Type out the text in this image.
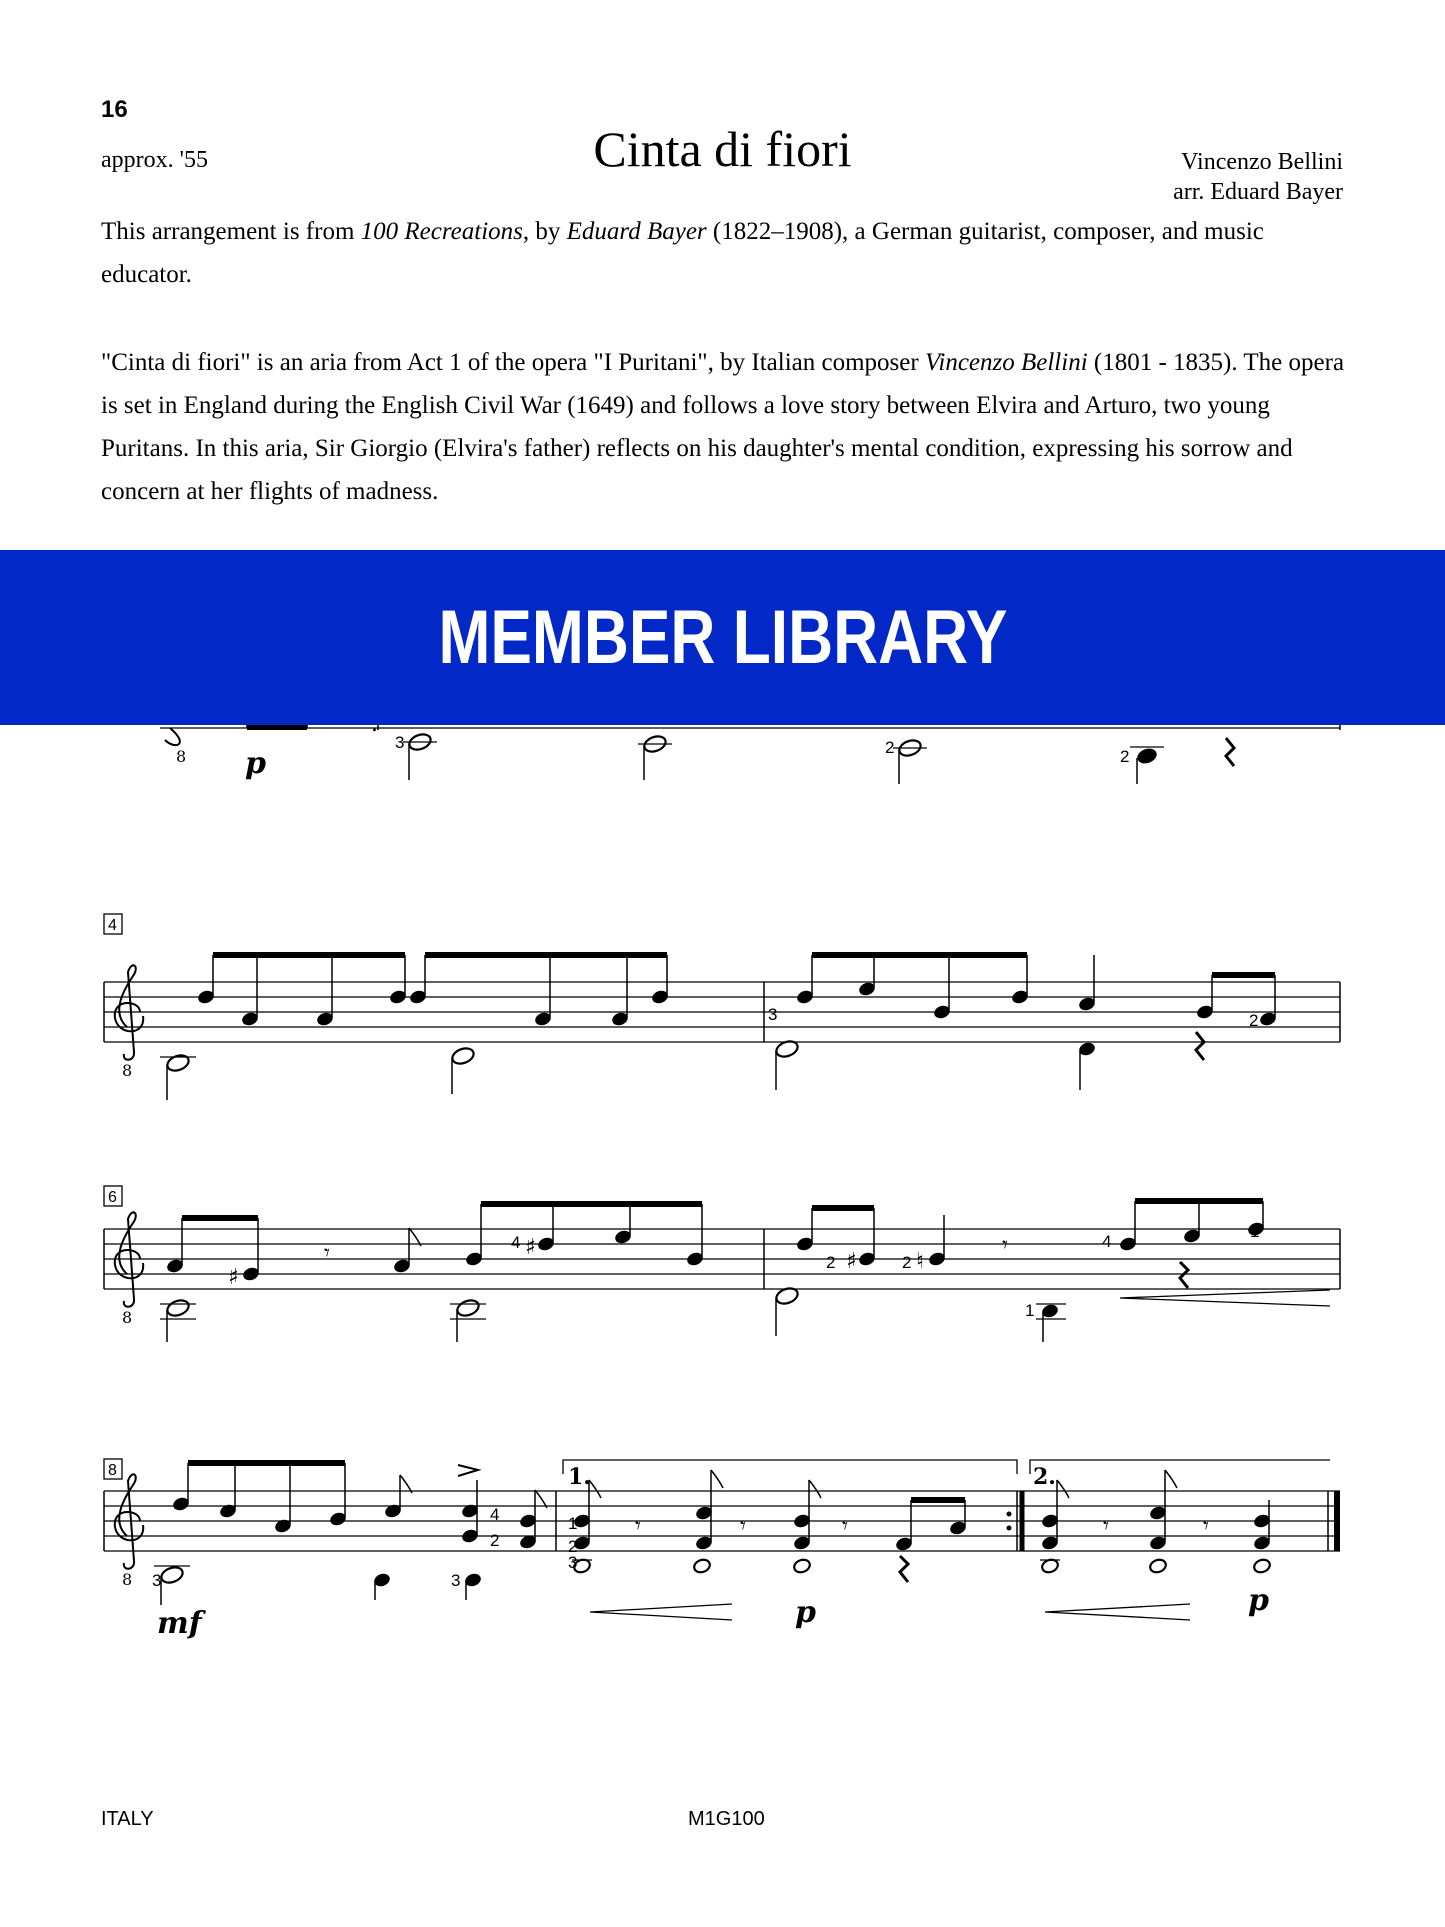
16
approx. '55	Cinta di fiori	Vincenzo Bellini
arr. Eduard Bayer
This arrangement is from 100 Recreations, by Eduard Bayer (1822–1908), a German guitarist, composer, and music educator.
"Cinta di fiori" is an aria from Act 1 of the opera "I Puritani", by Italian composer Vincenzo Bellini (1801 - 1835). The opera is set in England during the English Civil War (1649) and follows a love story between Elvira and Arturo, two young Puritans. In this aria, Sir Giorgio (Elvira's father) reflects on his daughter's mental condition, expressing his sorrow and concern at her flights of madness.
8
3	2	2
p
8
4
3	2
8
♯
♯
𝄾	♯	♮
𝄾
6
4
2	2
1
4
1
8
𝄾	𝄾	𝄾	𝄾	𝄾
8	1.	2.
3	3
4
2
1
2
3
mf	p	p
MEMBER LIBRARY
ITALY	M1G100
